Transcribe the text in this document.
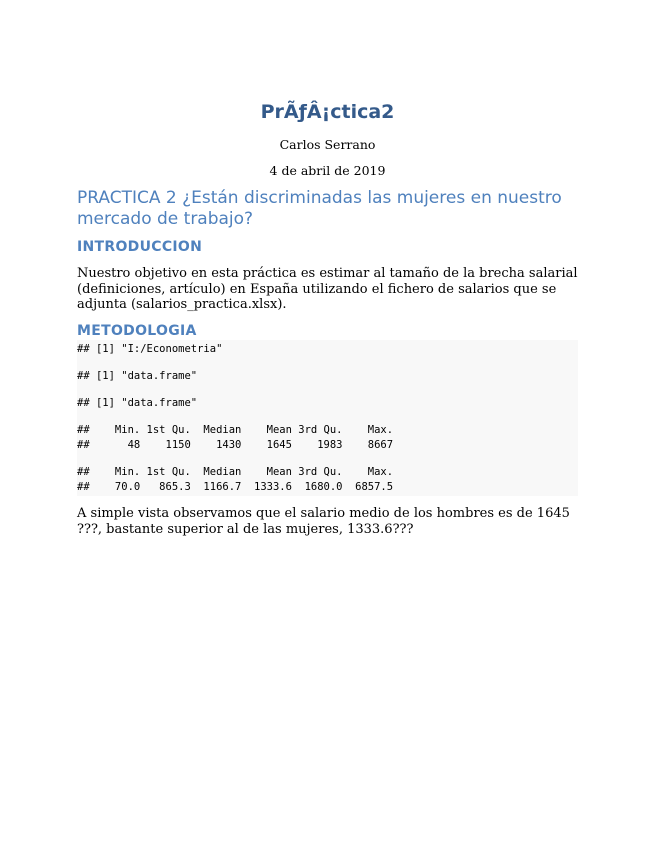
PrÃƒÂ¡ctica2

Carlos Serrano

4 de abril de 2019

PRACTICA 2 ¿Están discriminadas las mujeres en nuestro mercado de trabajo?
INTRODUCCION

Nuestro objetivo en esta práctica es estimar al tamaño de la brecha salarial (definiciones, artículo) en España utilizando el fichero de salarios que se adjunta (salarios_practica.xlsx).

METODOLOGIA
## [1] "I:/Econometria"
## [1] "data.frame"
## [1] "data.frame"
##    Min. 1st Qu.  Median    Mean 3rd Qu.    Max.
##      48    1150    1430    1645    1983    8667
##    Min. 1st Qu.  Median    Mean 3rd Qu.    Max.
##    70.0   865.3  1166.7  1333.6  1680.0  6857.5

A simple vista observamos que el salario medio de los hombres es de 1645 ???, bastante superior al de las mujeres, 1333.6???
